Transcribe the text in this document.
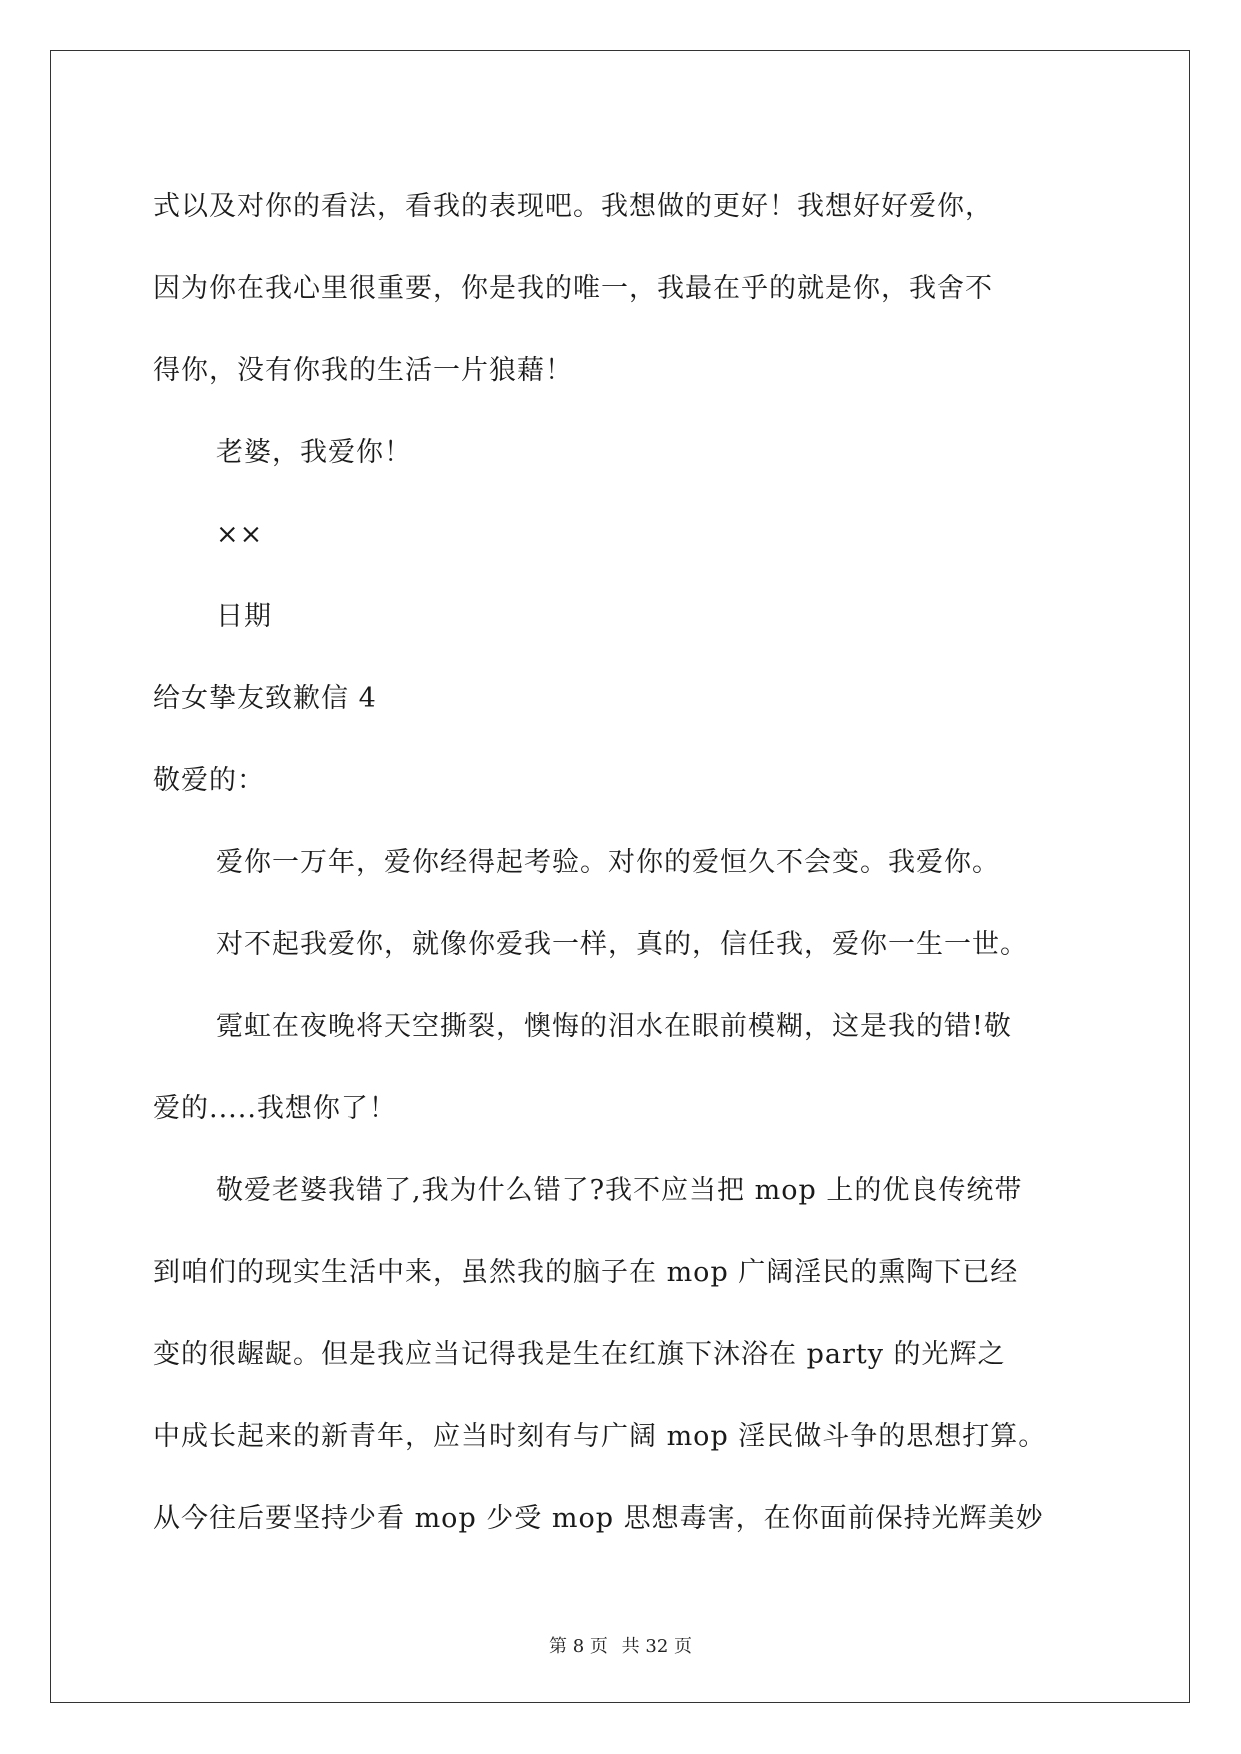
式以及对你的看法，看我的表现吧。我想做的更好！我想好好爱你，
因为你在我心里很重要，你是我的唯一，我最在乎的就是你，我舍不
得你，没有你我的生活一片狼藉！
老婆，我爱你！
××
日期
给女挚友致歉信 4
敬爱的：
爱你一万年，爱你经得起考验。对你的爱恒久不会变。我爱你。
对不起我爱你，就像你爱我一样，真的，信任我，爱你一生一世。
霓虹在夜晚将天空撕裂，懊悔的泪水在眼前模糊，这是我的错!敬
爱的.....我想你了！
敬爱老婆我错了,我为什么错了?我不应当把 mop 上的优良传统带
到咱们的现实生活中来，虽然我的脑子在 mop 广阔淫民的熏陶下已经
变的很龌龊。但是我应当记得我是生在红旗下沐浴在 party 的光辉之
中成长起来的新青年，应当时刻有与广阔 mop 淫民做斗争的思想打算。
从今往后要坚持少看 mop 少受 mop 思想毒害，在你面前保持光辉美妙
第 8 页 共 32 页
